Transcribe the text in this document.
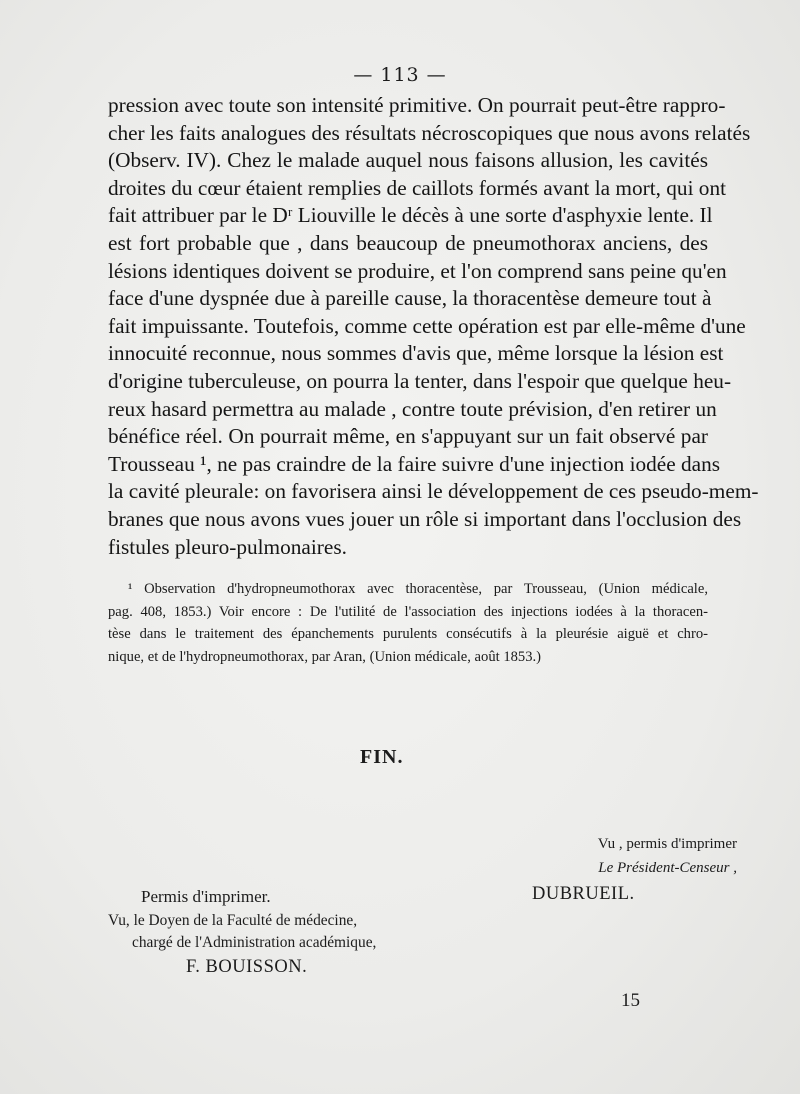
— 113 —
pression avec toute son intensité primitive. On pourrait peut-être rappro-
cher les faits analogues des résultats nécroscopiques que nous avons relatés
(Observ. IV). Chez le malade auquel nous faisons allusion, les cavités
droites du cœur étaient remplies de caillots formés avant la mort, qui ont
fait attribuer par le Dʳ Liouville le décès à une sorte d'asphyxie lente. Il
est fort probable que , dans beaucoup de pneumothorax anciens, des
lésions identiques doivent se produire, et l'on comprend sans peine qu'en
face d'une dyspnée due à pareille cause, la thoracentèse demeure tout à
fait impuissante. Toutefois, comme cette opération est par elle-même d'une
innocuité reconnue, nous sommes d'avis que, même lorsque la lésion est
d'origine tuberculeuse, on pourra la tenter, dans l'espoir que quelque heu-
reux hasard permettra au malade , contre toute prévision, d'en retirer un
bénéfice réel. On pourrait même, en s'appuyant sur un fait observé par
Trousseau ¹, ne pas craindre de la faire suivre d'une injection iodée dans
la cavité pleurale: on favorisera ainsi le développement de ces pseudo-mem-
branes que nous avons vues jouer un rôle si important dans l'occlusion des
fistules pleuro-pulmonaires.
¹ Observation d'hydropneumothorax avec thoracentèse, par Trousseau, (Union médicale,
pag. 408, 1853.) Voir encore : De l'utilité de l'association des injections iodées à la thoracen-
tèse dans le traitement des épanchements purulents consécutifs à la pleurésie aiguë et chro-
nique, et de l'hydropneumothorax, par Aran, (Union médicale, août 1853.)
FIN.
Vu , permis d'imprimer
Le Président-Censeur ,
DUBRUEIL.
Permis d'imprimer.
Vu, le Doyen de la Faculté de médecine,
chargé de l'Administration académique,
F. BOUISSON.
15
